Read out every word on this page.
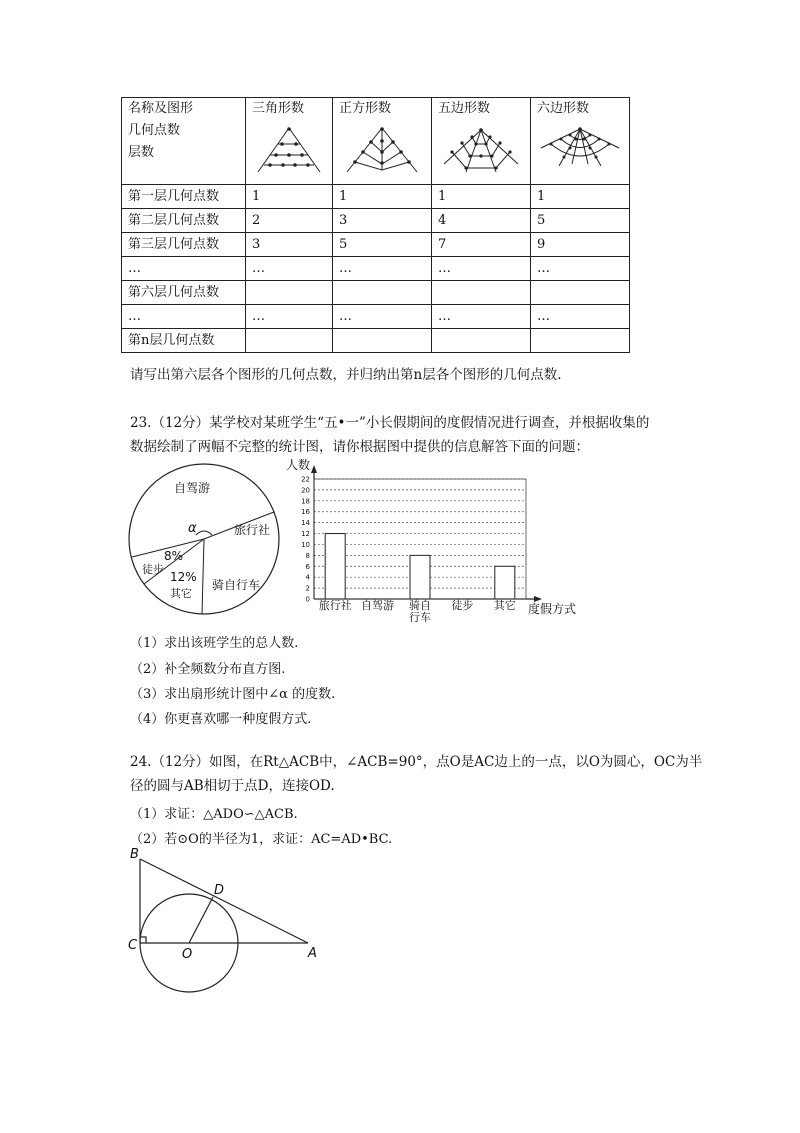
名称及图形
几何点数
层数	三角形数	正方形数	五边形数	六边形数

第一层几何点数	1	1	1	1
第二层几何点数	2	3	4	5
第三层几何点数	3	5	7	9
…	…	…	…	…
第六层几何点数				
…	…	…	…	…
第n层几何点数				
请写出第六层各个图形的几何点数，并归纳出第n层各个图形的几何点数.
23.（12分）某学校对某班学生“五•一”小长假期间的度假情况进行调查，并根据收集的
数据绘制了两幅不完整的统计图，请你根据图中提供的信息解答下面的问题：
自驾游
旅行社
骑自行车
其它
徒步
8%
12%
α
0
2
4
6
8
10
12
14
16
18
20
22
旅行社 自驾游 骑自
行车
徒步 其它
人数
度假方式
（1）求出该班学生的总人数.
（2）补全频数分布直方图.
（3）求出扇形统计图中∠α 的度数.
（4）你更喜欢哪一种度假方式.
24.（12分）如图，在Rt△ACB中，∠ACB=90°，点O是AC边上的一点，以O为圆心，OC为半
径的圆与AB相切于点D，连接OD.
（1）求证：△ADO∽△ACB.
（2）若⊙O的半径为1，求证：AC=AD•BC.
B
D
C
O	A
